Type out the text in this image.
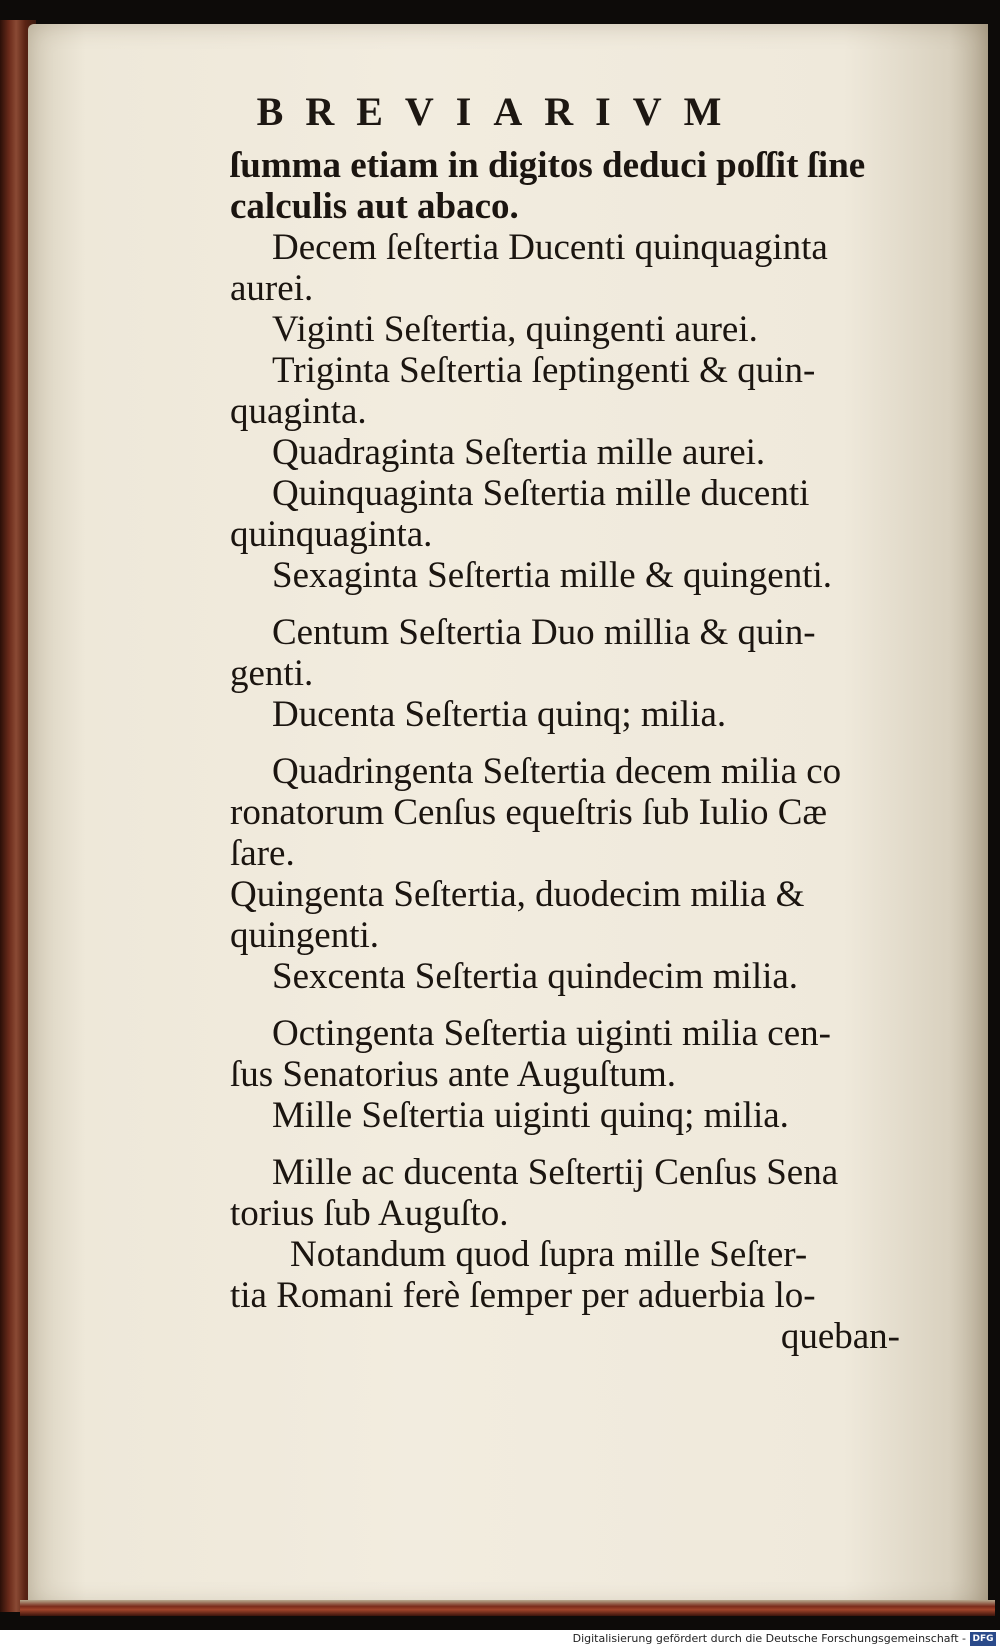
BREVIARIVM
ſumma etiam in digitos deduci poſſit ſine
calculis aut abaco.
Decem ſeſtertia Ducenti quinquaginta
aurei.
Viginti Seſtertia, quingenti aurei.
Triginta Seſtertia ſeptingenti & quin-
quaginta.
Quadraginta Seſtertia mille aurei.
Quinquaginta Seſtertia mille ducenti
quinquaginta.
Sexaginta Seſtertia mille & quingenti.
Centum Seſtertia Duo millia & quin-
genti.
Ducenta Seſtertia quinq; milia.
Quadringenta Seſtertia decem milia co
ronatorum Cenſus equeſtris ſub Iulio Cæ
ſare.
Quingenta Seſtertia, duodecim milia &
quingenti.
Sexcenta Seſtertia quindecim milia.
Octingenta Seſtertia uiginti milia cen-
ſus Senatorius ante Auguſtum.
Mille Seſtertia uiginti quinq; milia.
Mille ac ducenta Seſtertij Cenſus Sena
torius ſub Auguſto.
Notandum quod ſupra mille Seſter-
tia Romani ferè ſemper per aduerbia lo-
queban-
Digitalisierung gefördert durch die Deutsche Forschungsgemeinschaft - DFG
